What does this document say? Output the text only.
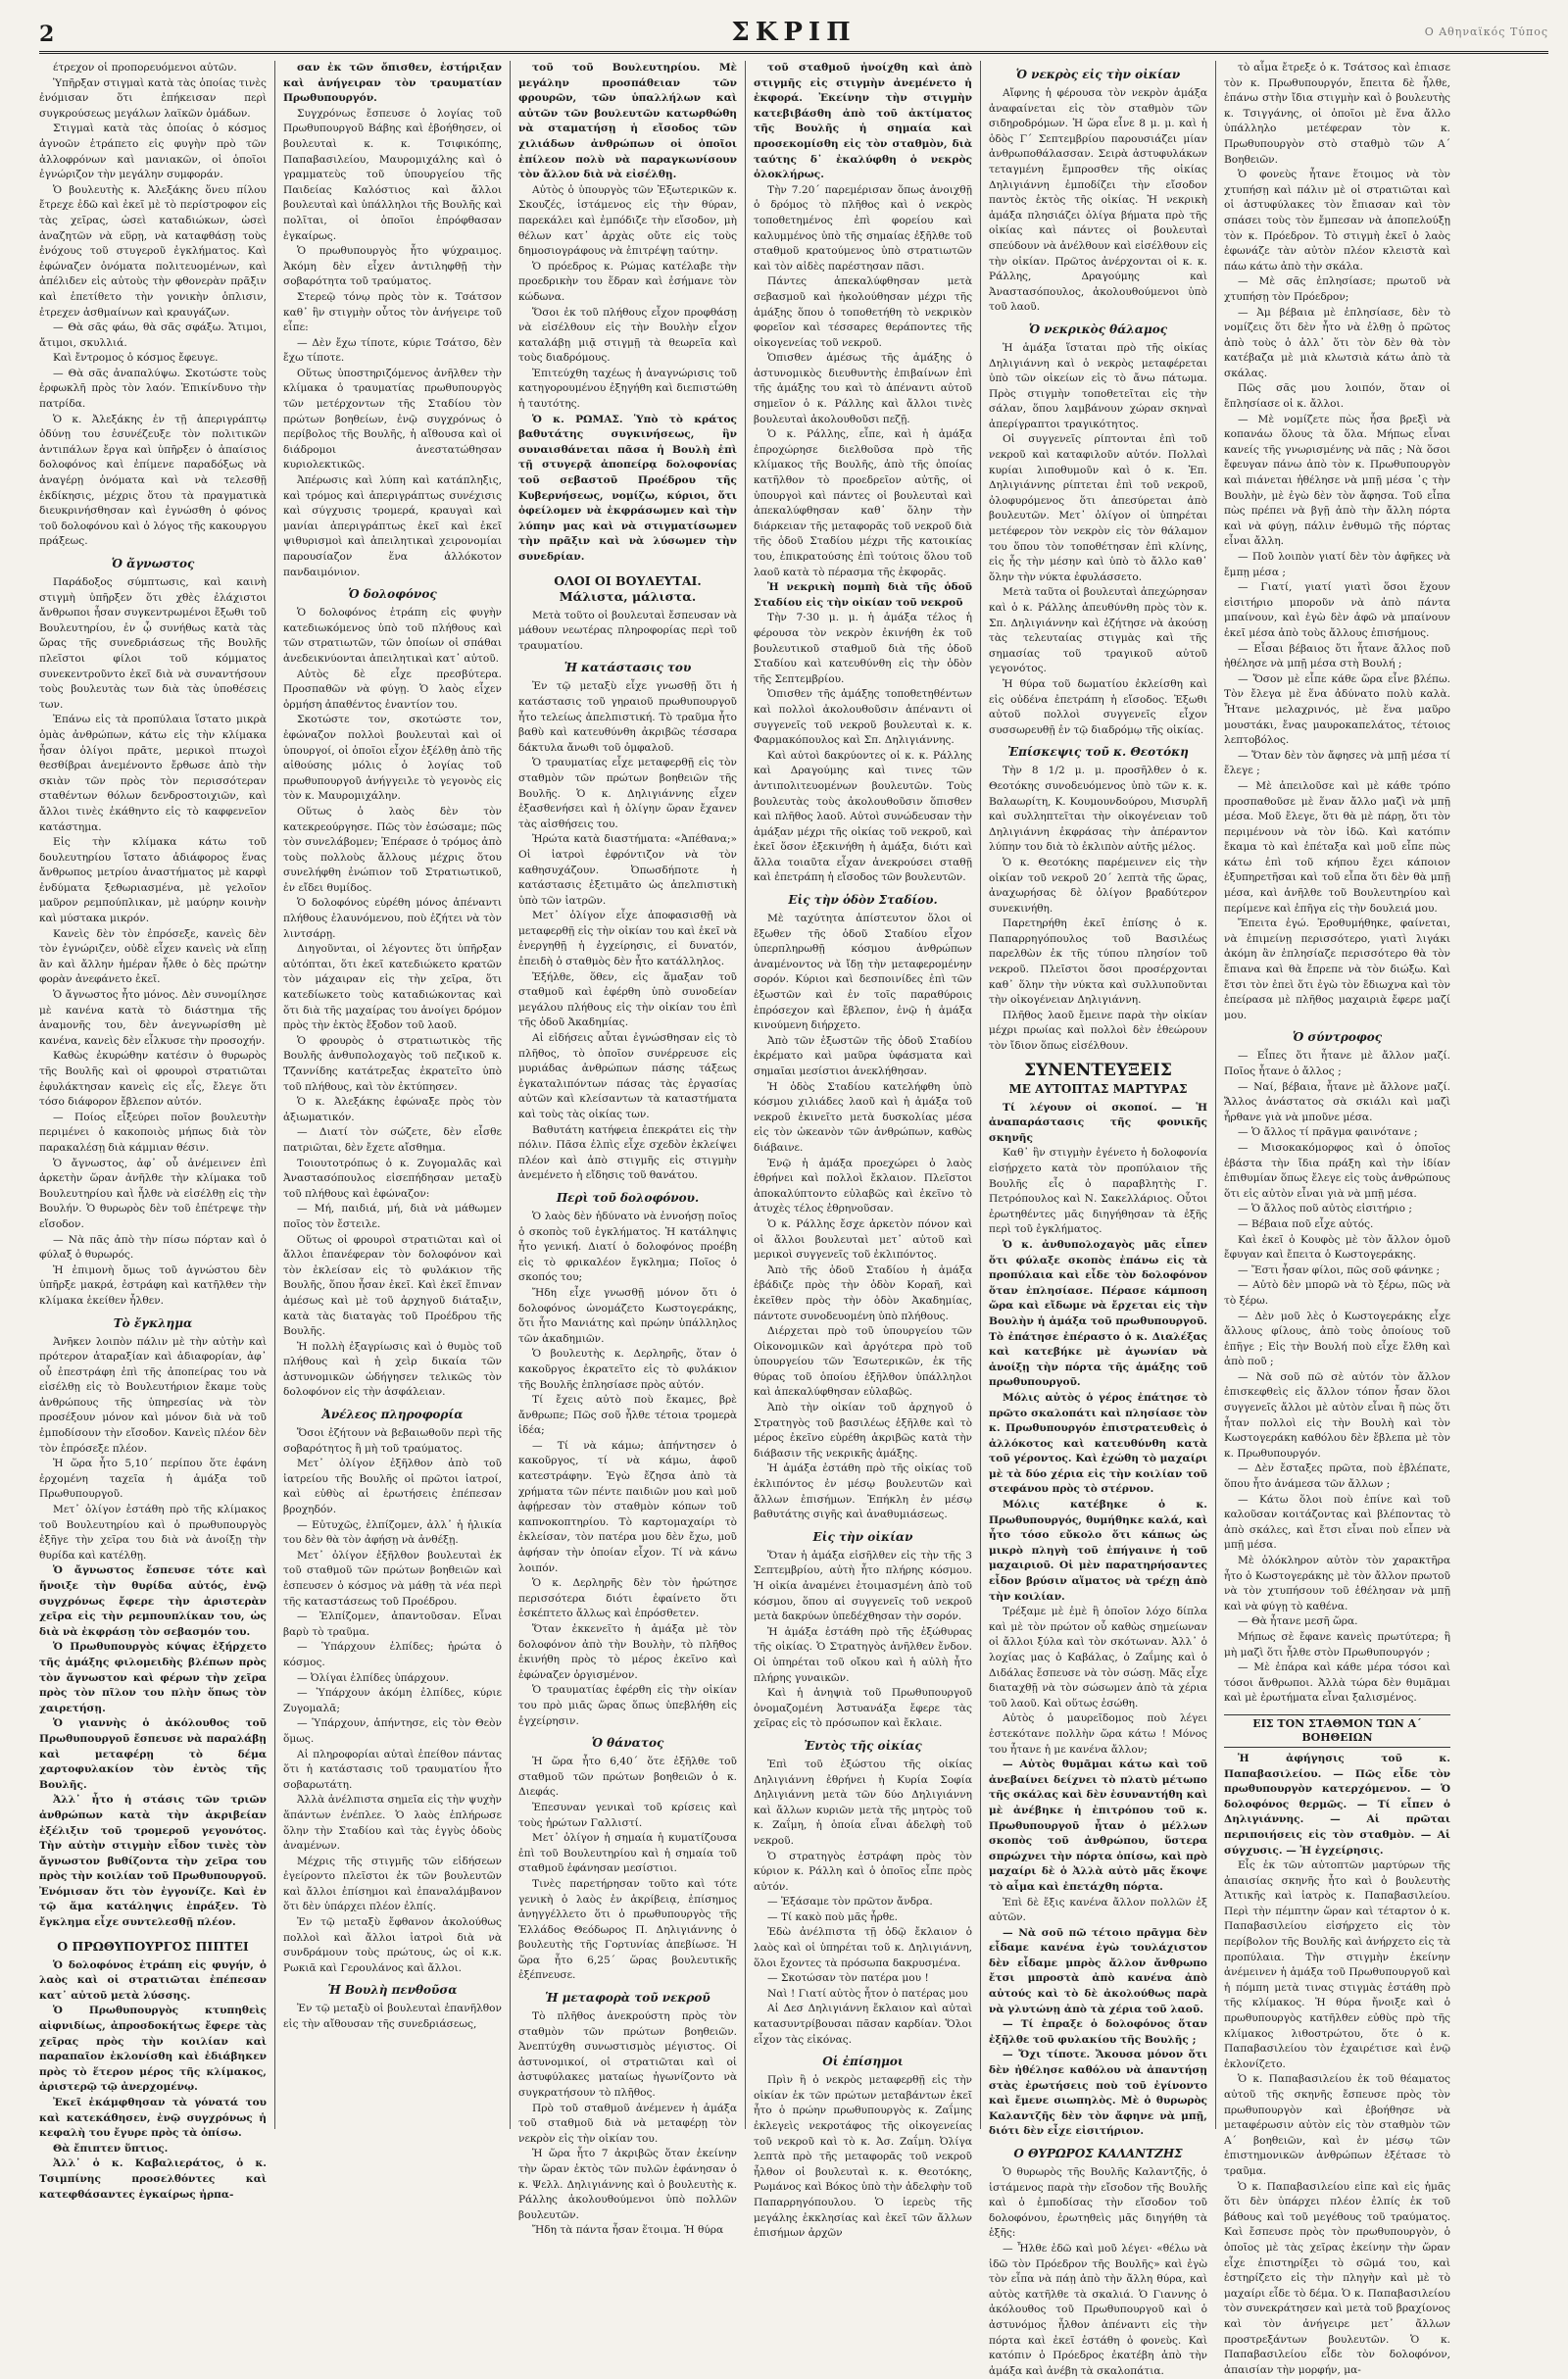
2	ΣΚΡΙΠ	Ο Αθηναϊκός Τύπος

έτρεχον οἱ προπορευόμενοι αὐτῶν.

Ὑπῆρξαν στιγμαὶ κατὰ τὰς ὁποίας τινὲς ἐνόμισαν ὅτι ἐπήκεισαν περὶ συγκρούσεως μεγάλων λαϊκῶν ὁμάδων.

Στιγμαὶ κατὰ τὰς ὁποίας ὁ κόσμος ἀγνοῶν ἐτράπετο εἰς φυγὴν πρὸ τῶν ἀλλοφρόνων καὶ μανιακῶν, οἱ ὁποῖοι ἐγνώριζον τὴν μεγάλην συμφοράν.

Ὁ βουλευτὴς κ. Ἀλεξάκης ὅνευ πίλου ἔτρεχε ἐδῶ καὶ ἐκεῖ μὲ τὸ περίστροφον εἰς τὰς χεῖρας, ὡσεὶ καταδιώκων, ὡσεὶ ἀναζητῶν νὰ εὕρῃ, νὰ καταφθάσῃ τοὺς ἐνόχους τοῦ στυγεροῦ ἐγκλήματος. Καὶ ἐφώναζεν ὀνόματα πολιτευομένων, καὶ ἀπέλιδεν εἰς αὐτοὺς τὴν φθονερὰν πρᾶξιν καὶ ἐπετίθετο τὴν γονικὴν ὁπλισιν, ἐτρεχεν ἀσθμαίνων καὶ κραυγάζων.

— Θὰ σᾶς φάω, θὰ σᾶς σφάξω. Ἄτιμοι, ἄτιμοι, σκυλλιά.

Καὶ ἔντρομος ὁ κόσμος ἔφευγε.

— Θὰ σᾶς ἀναπαλύψω. Σκοτώστε τοὺς ἐρφωκλῆ πρὸς τὸν λαόν. Ἐπικίνδυνο τὴν πατρίδα.

Ὁ κ. Ἀλεξάκης ἐν τῇ ἀπεριγράπτῳ ὀδύνῃ του ἐσυνέζευξε τὸν πολιτικῶν ἀντιπάλων ἔργα καὶ ὑπῆρξεν ὁ ἀπαίσιος δολοφόνος καὶ ἐπίμενε παραδόξως νὰ ἀναγέρῃ ὀνόματα καὶ νὰ τελεσθῇ ἐκδίκησις, μέχρις ὅτου τὰ πραγματικὰ διευκρινήσθησαν καὶ ἐγνώσθη ὁ φόνος τοῦ δολοφόνου καὶ ὁ λόγος τῆς κακουργου πράξεως.

Ὁ ἄγνωστος

Παράδοξος σύμπτωσις, καὶ καινὴ στιγμὴ ὑπῆρξεν ὅτι χθὲς ἐλάχιστοι ἄνθρωποι ἦσαν συγκεντρωμένοι ἔξωθι τοῦ Βουλευτηρίου, ἐν ᾧ συνήθως κατὰ τὰς ὥρας τῆς συνεδριάσεως τῆς Βουλῆς πλεῖστοι φίλοι τοῦ κόμματος συνεκεντροῦντο ἐκεῖ διὰ νὰ συναντήσουν τοὺς βουλευτὰς των διὰ τὰς ὑποθέσεις των.

Ἐπάνω εἰς τὰ προπύλαια ἵστατο μικρὰ ὁμὰς ἀνθρώπων, κάτω εἰς τὴν κλίμακα ἦσαν ὀλίγοι πρᾶτε, μερικοὶ πτωχοὶ θεσθίβραι ἀνεμένοντο ἔρθωσε ἀπὸ τὴν σκιὰν τῶν πρὸς τὸν περισσότεραν σταθέντων θόλων δενδροστοιχιῶν, καὶ ἄλλοι τινὲς ἐκάθηντο εἰς τὸ καφφενεῖον κατάστημα.

Εἰς τὴν κλίμακα κάτω τοῦ δουλευτηρίου ἵστατο ἀδιάφορος ἕνας ἄνθρωπος μετρίου ἀναστήματος μὲ καρφὶ ἐνδύματα ξεθωριασμένα, μὲ γελοῖον μαῦρον ρεμπούπλικαν, μὲ μαύρην κοινὴν καὶ μύστακα μικρόν.

Κανεὶς δὲν τὸν ἐπρόσεξε, κανεὶς δὲν τὸν ἐγνώριζεν, οὐδὲ εἶχεν κανεὶς νὰ εἴπῃ ἂν καὶ ἄλλην ἡμέραν ἦλθε ὁ δὲς πρώτην φορὰν ἀνεφάνετο ἐκεῖ.

Ὁ ἄγνωστος ἦτο μόνος. Δὲν συνομίλησε μὲ κανένα κατὰ τὸ διάστημα τῆς ἀναμονῆς του, δὲν ἀνεγνωρίσθη μὲ κανένα, κανεὶς δὲν εἶλκυσε τὴν προσοχήν.

Καθὼς ἐκυρώθην κατέσιν ὁ θυρωρὸς τῆς Βουλῆς καὶ οἱ φρουροὶ στρατιῶται ἐφυλάκτησαν κανεὶς εἰς εἷς, ἔλεγε ὅτι τόσο διάφορον ἔβλεπον αὐτόν.

— Ποίος εἶξεύρει ποῖον βουλευτὴν περιμένει ὁ κακοποιὸς μήπως διὰ τὸν παρακαλέσῃ διὰ κάμμιαν θέσιν.

Ὁ ἄγνωστος, ἀφ᾿ οὗ ἀνέμεινεν ἐπὶ ἀρκετὴν ὥραν ἀνῆλθε τὴν κλίμακα τοῦ Βουλευτηρίου καὶ ἦλθε νὰ εἰσέλθῃ εἰς τὴν Βουλήν. Ὁ θυρωρὸς δὲν τοῦ ἐπέτρεψε τὴν εἴσοδον.

— Νὰ πᾶς ἀπὸ τὴν πίσω πόρταν καὶ ὁ φύλαξ ὁ θυρωρός.

Ἡ ἐπιμονὴ ὅμως τοῦ ἀγνώστου δὲν ὑπῆρξε μακρά, ἐστράφη καὶ κατῆλθεν τὴν κλίμακα ἐκείθεν ἦλθεν.

Τὸ ἔγκλημα

Ἀνῆκεν λοιπὸν πάλιν μὲ τὴν αὐτὴν καὶ πρότερον ἀταραξίαν καὶ ἀδιαφορίαν, ἀφ᾿ οὗ ἐπεστράφη ἐπὶ τῆς ἀποπείρας του νὰ εἰσέλθῃ εἰς τὸ Βουλευτήριον ἔκαμε τοὺς ἀνθρώπους τῆς ὑπηρεσίας νὰ τὸν προσέξουν μόνον καὶ μόνον διὰ νὰ τοῦ ἐμποδίσουν τὴν εἴσοδον. Κανεὶς πλέον δὲν τὸν ἐπρόσεξε πλέον.

Ἡ ὥρα ἦτο 5,10΄ περίπου ὅτε ἐφάνη ἐρχομένη ταχεῖα ἡ ἁμάξα τοῦ Πρωθυπουργοῦ.

Μετ᾿ ὀλίγον ἐστάθη πρὸ τῆς κλίμακος τοῦ Βουλευτηρίου καὶ ὁ πρωθυπουργὸς ἐξῆγε τὴν χεῖρα του διὰ νὰ ἀνοίξῃ τὴν θυρίδα καὶ κατέλθῃ.

Ὁ ἄγνωστος ἔσπευσε τότε καὶ ἤνοιξε τὴν θυρίδα αὐτός, ἐνῷ συγχρόνως ἔφερε τὴν ἀριστερὰν χεῖρα εἰς τὴν ρεμπουπλίκαν του, ὡς διὰ νὰ ἐκφράσῃ τὸν σεβασμόν του.

Ὁ Πρωθυπουργὸς κύψας ἐξήρχετο τῆς ἁμάξης φιλομειδὴς βλέπων πρὸς τὸν ἄγνωστον καὶ φέρων τὴν χεῖρα πρὸς τὸν πῖλον του πλὴν ὅπως τὸν χαιρετήσῃ.

Ὁ γιαννὴς ὁ ἀκόλουθος τοῦ Πρωθυπουργοῦ ἔσπευσε νὰ παραλάβῃ καὶ μεταφέρῃ τὸ δέμα χαρτοφυλακίον τὸν ἐντὸς τῆς Βουλῆς.

Ἀλλ᾿ ἦτο ἡ στάσις τῶν τριῶν ἀνθρώπων κατὰ τὴν ἀκριβείαν ἐξέλιξιν τοῦ τρομεροῦ γεγονότος. Τὴν αὐτὴν στιγμὴν εἶδον τινὲς τὸν ἄγνωστον βυθίζοντα τὴν χεῖρα του πρὸς τὴν κοιλίαν τοῦ Πρωθυπουργοῦ. Ἐνόμισαν ὅτι τὸν ἐγγονίζε. Καὶ ἐν τῷ ἅμα κατάληψις ἐπράξεν. Τὸ ἔγκλημα εἶχε συντελεσθῇ πλέον.

Ο ΠΡΩΘΥΠΟΥΡΓΟΣ ΠΙΠΤΕΙ

Ὁ δολοφόνος ἐτράπη εἰς φυγήν, ὁ λαὸς καὶ οἱ στρατιῶται ἐπέπεσαν κατ᾿ αὐτοῦ μετὰ λύσσης.

Ὁ Πρωθυπουργὸς κτυπηθεὶς αἰφνιδίως, ἀπροσδοκήτως ἔφερε τὰς χεῖρας πρὸς τὴν κοιλίαν καὶ παραπαῖον ἐκλονίσθη καὶ ἐδιάβηκεν πρὸς τὸ ἕτερον μέρος τῆς κλίμακος, ἀριστερῷ τῷ ἀνερχομένῳ.

Ἐκεῖ ἐκάμφθησαν τὰ γόνατά του καὶ κατεκάθησεν, ἐνῷ συγχρόνως ἡ κεφαλὴ του ἔγυρε πρὸς τὰ ὀπίσω.

Θὰ ἔπιπτεν ὕπτιος.

Ἀλλ᾿ ὁ κ. Καβαλιεράτος, ὁ κ. Τσιμπίνης προσελθόντες καὶ κατεφθάσαντες ἐγκαίρως ἠρπα-

σαν ἐκ τῶν ὄπισθεν, ἐστήριξαν καὶ ἀνήγειραν τὸν τραυματίαν Πρωθυπουργόν.

Συγχρόνως ἔσπευσε ὁ λογίας τοῦ Πρωθυπουργοῦ Βάβης καὶ ἐβοήθησεν, οἱ βουλευταὶ κ. κ. Τσιφικόπης, Παπαβασιλείου, Μαυρομιχάλης καὶ ὁ γραμματεὺς τοῦ ὑπουργείου τῆς Παιδείας Καλόστιος καὶ ἄλλοι βουλευταὶ καὶ ὑπάλληλοι τῆς Βουλῆς καὶ πολῖται, οἱ ὁποῖοι ἐπρόφθασαν ἐγκαίρως.

Ὁ πρωθυπουργὸς ἦτο ψύχραιμος. Ἀκόμη δὲν εἶχεν ἀντιληφθῇ τὴν σοβαρότητα τοῦ τραύματος.

Στερεῷ τόνῳ πρὸς τὸν κ. Τσάτσον καθ᾿ ἣν στιγμὴν οὗτος τὸν ἀνήγειρε τοῦ εἶπε:

— Δὲν ἔχω τίποτε, κύριε Τσάτσο, δὲν ἔχω τίποτε.

Οὕτως ὑποστηριζόμενος ἀνῆλθεν τὴν κλίμακα ὁ τραυματίας πρωθυπουργὸς τῶν μετέρχοντων τῆς Σταδίου τὸν πρώτων βοηθείων, ἐνῷ συγχρόνως ὁ περίβολος τῆς Βουλῆς, ἡ αἴθουσα καὶ οἱ διάδρομοι ἀνεστατώθησαν κυριολεκτικῶς.

Ἀπέρωσις καὶ λύπη καὶ κατάπληξις, καὶ τρόμος καὶ ἀπεριγράπτως συνέχισις καὶ σύγχυσις τρομερά, κραυγαὶ καὶ μανίαι ἀπεριγράπτως ἐκεῖ καὶ ἐκεῖ ψιθυρισμοὶ καὶ ἀπειλητικαὶ χειρονομίαι παρουσίαζον ἕνα ἀλλόκοτον πανδαιμόνιον.

Ὁ δολοφόνος

Ὁ δολοφόνος ἐτράπη εἰς φυγὴν κατεδιωκόμενος ὑπὸ τοῦ πλήθους καὶ τῶν στρατιωτῶν, τῶν ὁποίων οἱ σπάθαι ἀνεδεικνύονται ἀπειλητικαὶ κατ᾿ αὐτοῦ.

Αὐτὸς δὲ εἶχε πρεσβύτερα. Προσπαθῶν νὰ φύγῃ. Ὁ λαὸς εἶχεν ὁρμήση ἀπαθέντος ἐναντίον του.

Σκοτώστε τον, σκοτώστε τον, ἐφώναζον πολλοὶ βουλευταὶ καὶ οἱ ὑπουργοί, οἱ ὁποῖοι εἶχον ἐξέλθῃ ἀπὸ τῆς αἰθούσης μόλις ὁ λογίας τοῦ πρωθυπουργοῦ ἀνήγγειλε τὸ γεγονὸς εἰς τὸν κ. Μαυρομιχάλην.

Οὕτως ὁ λαὸς δὲν τὸν κατεκρεούργησε. Πῶς τὸν ἐσώσαμε; πῶς τὸν συνελάβομεν; Ἐπέρασε ὁ τρόμος ἀπὸ τοὺς πολλοὺς ἄλλους μέχρις ὅτου συνελήφθη ἐνώπιον τοῦ Στρατιωτικοῦ, ἐν εἴδει θυμίδος.

Ὁ δολοφόνος εὑρέθη μόνος ἀπέναντι πλήθους ἐλαυνόμενου, ποὺ ἐζήτει νὰ τὸν λιντσάρῃ.

Διηγοῦνται, οἱ λέγοντες ὅτι ὑπῆρξαν αὐτόπται, ὅτι ἐκεῖ κατεδιώκετο κρατῶν τὸν μάχαιραν εἰς τὴν χεῖρα, ὅτι κατεδίωκετο τοὺς καταδιώκοντας καὶ ὅτι διὰ τῆς μαχαίρας του ἀνοίγει δρόμον πρὸς τὴν ἐκτὸς ἔξοδον τοῦ λαοῦ.

Ὁ φρουρὸς ὁ στρατιωτικὸς τῆς Βουλῆς ἀνθυπολοχαγὸς τοῦ πεζικοῦ κ. Τζαννίδης κατάτρεξας ἐκρατεῖτο ὑπὸ τοῦ πλήθους, καὶ τὸν ἐκτύπησεν.

Ὁ κ. Ἀλεξάκης ἐφώναξε πρὸς τὸν ἀξιωματικόν.

— Διατί τὸν σώζετε, δὲν εἶσθε πατριῶται, δὲν ἔχετε αἴσθημα.

Τοιουτοτρόπως ὁ κ. Ζυγομαλᾶς καὶ Ἀναστασόπουλος εἰσεπήδησαν μεταξὺ τοῦ πλήθους καὶ ἐφώναζον:

— Μή, παιδιά, μή, διὰ νὰ μάθωμεν ποῖος τὸν ἔστειλε.

Οὕτως οἱ φρουροὶ στρατιῶται καὶ οἱ ἄλλοι ἐπανέφεραν τὸν δολοφόνον καὶ τὸν ἐκλείσαν εἰς τὸ φυλάκιον τῆς Βουλῆς, ὅπου ἦσαν ἐκεῖ. Καὶ ἐκεῖ ἔπιναν ἀμέσως καὶ μὲ τοῦ ἀρχηγοῦ διάταξιν, κατὰ τὰς διαταγὰς τοῦ Προέδρου τῆς Βουλῆς.

Ἡ πολλὴ ἐξαγρίωσις καὶ ὁ θυμὸς τοῦ πλήθους καὶ ἡ χεὶρ δικαία τῶν ἀστυνομικῶν ὡδήγησεν τελικῶς τὸν δολοφόνον εἰς τὴν ἀσφάλειαν.

Ἀνέλεος πληροφορία

Ὅσοι ἐζήτουν νὰ βεβαιωθοῦν περὶ τῆς σοβαρότητος ἢ μὴ τοῦ τραύματος.

Μετ᾿ ὀλίγον ἐξῆλθον ἀπὸ τοῦ ἰατρείου τῆς Βουλῆς οἱ πρῶτοι ἰατροί, καὶ εὐθὺς αἱ ἐρωτήσεις ἐπέπεσαν βροχηδόν.

— Εὐτυχῶς, ἐλπίζομεν, ἀλλ᾿ ἡ ἡλικία του δὲν θὰ τὸν ἀφήσῃ νὰ ἀνθέξῃ.

Μετ᾿ ὀλίγον ἐξῆλθον βουλευταὶ ἐκ τοῦ σταθμοῦ τῶν πρώτων βοηθειῶν καὶ ἐσπευσεν ὁ κόσμος νὰ μάθῃ τὰ νέα περὶ τῆς καταστάσεως τοῦ Προέδρου.

— Ἐλπίζομεν, ἀπαντοῦσαν. Εἶναι βαρὺ τὸ τραῦμα.

— Ὑπάρχουν ἐλπίδες; ἠρώτα ὁ κόσμος.

— Ὀλίγαι ἐλπίδες ὑπάρχουν.

— Ὑπάρχουν ἀκόμη ἐλπίδες, κύριε Ζυγομαλᾶ;

— Ὑπάρχουν, ἀπήντησε, εἰς τὸν Θεὸν ὅμως.

Αἱ πληροφορίαι αὐταὶ ἐπείθον πάντας ὅτι ἡ κατάστασις τοῦ τραυματίου ἦτο σοβαρωτάτη.

Ἀλλὰ ἀνέλπιστα σημεῖα εἰς τὴν ψυχὴν ἅπάντων ἐνέπλεε. Ὁ λαὸς ἐπλήρωσε ὅλην τὴν Σταδίου καὶ τὰς ἐγγὺς ὁδοὺς ἀναμένων.

Μέχρις τῆς στιγμῆς τῶν εἰδήσεων ἐγείροντο πλεῖστοι ἐκ τῶν βουλευτῶν καὶ ἄλλοι ἐπίσημοι καὶ ἐπαναλάμβανον ὅτι δὲν ὑπάρχει πλέον ἐλπίς.

Ἐν τῷ μεταξὺ ἔφθανον ἀκολούθως πολλοὶ καὶ ἄλλοι ἰατροὶ διὰ νὰ συνδράμουν τοὺς πρώτους, ὡς οἱ κ.κ. Ρωκιᾶ καὶ Γερουλάνος καὶ ἄλλοι.

Ἡ Βουλὴ πενθοῦσα

Ἐν τῷ μεταξὺ οἱ βουλευταὶ ἐπανῆλθον εἰς τὴν αἴθουσαν τῆς συνεδριάσεως,

τοῦ τοῦ Βουλευτηρίου. Μὲ μεγάλην προσπάθειαν τῶν φρουρῶν, τῶν ὑπαλλήλων καὶ αὐτῶν τῶν βουλευτῶν κατωρθώθη νὰ σταματήσῃ ἡ εἴσοδος τῶν χιλιάδων ἀνθρώπων οἱ ὁποῖοι ἐπίλεον πολὺ νὰ παραγκωνίσουν τὸν ἄλλον διὰ νὰ εἰσέλθῃ.

Αὐτὸς ὁ ὑπουργὸς τῶν Ἐξωτερικῶν κ. Σκουζές, ἱστάμενος εἰς τὴν θύραν, παρεκάλει καὶ ἐμπόδιζε τὴν εἴσοδον, μὴ θέλων κατ᾿ ἀρχὰς οὔτε εἰς τοὺς δημοσιογράφους νὰ ἐπιτρέψῃ ταύτην.

Ὁ πρόεδρος κ. Ρώμας κατέλαβε τὴν προεδρικὴν του ἕδραν καὶ ἐσήμανε τὸν κώδωνα.

Ὅσοι ἐκ τοῦ πλήθους εἶχον προφθάσῃ νὰ εἰσέλθουν εἰς τὴν Βουλὴν εἶχον καταλάβῃ μιᾷ στιγμῇ τὰ θεωρεῖα καὶ τοὺς διαδρόμους.

Ἐπιτεύχθη ταχέως ἡ ἀναγνώρισις τοῦ κατηγορουμένου ἐξηγήθη καὶ διεπιστώθη ἡ ταυτότης.

Ὁ κ. ΡΩΜΑΣ. Ὑπὸ τὸ κράτος βαθυτάτης συγκινήσεως, ἣν συναισθάνεται πᾶσα ἡ Βουλὴ ἐπὶ τῇ στυγερᾷ ἀποπείρᾳ δολοφονίας τοῦ σεβαστοῦ Προέδρου τῆς Κυβερνήσεως, νομίζω, κύριοι, ὅτι ὀφείλομεν νὰ ἐκφράσωμεν καὶ τὴν λύπην μας καὶ νὰ στιγματίσωμεν τὴν πρᾶξιν καὶ νὰ λύσωμεν τὴν συνεδρίαν.

ΟΛΟΙ ΟΙ ΒΟΥΛΕΥΤΑΙ. Μάλιστα, μάλιστα.

Μετὰ τοῦτο οἱ βουλευταὶ ἔσπευσαν νὰ μάθουν νεωτέρας πληροφορίας περὶ τοῦ τραυματίου.

Ἡ κατάστασις του

Ἐν τῷ μεταξὺ εἶχε γνωσθῇ ὅτι ἡ κατάστασις τοῦ γηραιοῦ πρωθυπουργοῦ ἦτο τελείως ἀπελπιστική. Τὸ τραῦμα ἦτο βαθὺ καὶ κατευθύνθη ἀκριβῶς τέσσαρα δάκτυλα ἄνωθι τοῦ ὀμφαλοῦ.

Ὁ τραυματίας εἶχε μεταφερθῇ εἰς τὸν σταθμὸν τῶν πρώτων βοηθειῶν τῆς Βουλῆς. Ὁ κ. Δηλιγιάννης εἶχεν ἐξασθενήσει καὶ ἡ ὀλίγην ὥραν ἔχανεν τὰς αἰσθήσεις του.

Ἠρώτα κατὰ διαστήματα: «Ἀπέθανα;» Οἱ ἰατροὶ ἐφρόντιζον νὰ τὸν καθησυχάζουν. Ὀπωσδήποτε ἡ κατάστασις ἐξετιμᾶτο ὡς ἀπελπιστικὴ ὑπὸ τῶν ἰατρῶν.

Μετ᾿ ὀλίγον εἶχε ἀποφασισθῇ νὰ μεταφερθῇ εἰς τὴν οἰκίαν του καὶ ἐκεῖ νὰ ἐνεργηθῇ ἡ ἐγχείρησις, εἰ δυνατόν, ἐπειδὴ ὁ σταθμὸς δὲν ἦτο κατάλληλος.

Ἐξήλθε, ὅθεν, εἰς ἅμαξαν τοῦ σταθμοῦ καὶ ἐφέρθη ὑπὸ συνοδείαν μεγάλου πλήθους εἰς τὴν οἰκίαν του ἐπὶ τῆς ὁδοῦ Ἀκαδημίας.

Αἱ εἰδήσεις αὗται ἐγνώσθησαν εἰς τὸ πλῆθος, τὸ ὁποῖον συνέρρευσε εἰς μυριάδας ἀνθρώπων πάσης τάξεως ἐγκαταλιπόντων πάσας τὰς ἐργασίας αὐτῶν καὶ κλείσαντων τὰ καταστήματα καὶ τοὺς τὰς οἰκίας των.

Βαθυτάτη κατήφεια ἐπεκράτει εἰς τὴν πόλιν. Πᾶσα ἐλπὶς εἶχε σχεδὸν ἐκλείψει πλέον καὶ ἀπὸ στιγμῆς εἰς στιγμὴν ἀνεμένετο ἡ εἴδησις τοῦ θανάτου.

Περὶ τοῦ δολοφόνου.

Ὁ λαὸς δὲν ἠδύνατο νὰ ἐννοήσῃ ποῖος ὁ σκοπὸς τοῦ ἐγκλήματος. Ἡ κατάληψις ἦτο γενική. Διατί ὁ δολοφόνος προέβη εἰς τὸ φρικαλέον ἔγκλημα; Ποῖος ὁ σκοπός του;

Ἤδη εἶχε γνωσθῇ μόνον ὅτι ὁ δολοφόνος ὠνομάζετο Κωστογεράκης, ὅτι ἦτο Μανιάτης καὶ πρώην ὑπάλληλος τῶν ἀκαδημιῶν.

Ὁ βουλευτὴς κ. Δερληρῆς, ὅταν ὁ κακοῦργος ἐκρατεῖτο εἰς τὸ φυλάκιον τῆς Βουλῆς ἐπλησίασε πρὸς αὐτόν.

Τί ἔχεις αὐτὸ ποὺ ἔκαμες, βρὲ ἄνθρωπε; Πῶς σοῦ ἦλθε τέτοια τρομερὰ ἰδέα;

— Τί νὰ κάμω; ἀπήντησεν ὁ κακοῦργος, τί νὰ κάμω, ἀφοῦ κατεστράφην. Ἐγὼ ἔζησα ἀπὸ τὰ χρήματα τῶν πέντε παιδιῶν μου καὶ μοῦ ἀφῄρεσαν τὸν σταθμὸν κόπων τοῦ καπνοκοπτηρίου. Τὸ καρτομαχαίρι τὸ ἐκλείσαν, τὸν πατέρα μου δὲν ἔχω, μοῦ ἀφήσαν τὴν ὁποίαν εἶχον. Τί νὰ κάνω λοιπόν.

Ὁ κ. Δερληρῆς δὲν τὸν ἠρώτησε περισσότερα διότι ἐφαίνετο ὅτι ἐσκέπτετο ἄλλως καὶ ἐπρόσθετεν.

Ὅταν ἐκκενεῖτο ἡ ἁμάξα μὲ τὸν δολοφόνον ἀπὸ τὴν Βουλὴν, τὸ πλῆθος ἐκινήθη πρὸς τὸ μέρος ἐκεῖνο καὶ ἐφώναζεν ὀργισμένον.

Ὁ τραυματίας ἐφέρθη εἰς τὴν οἰκίαν του πρὸ μιᾶς ὥρας ὅπως ὑπεβλήθη εἰς ἐγχείρησιν.

Ὁ θάνατος

Ἡ ὥρα ἦτο 6,40΄ ὅτε ἐξῆλθε τοῦ σταθμοῦ τῶν πρώτων βοηθειῶν ὁ κ. Διεφάς.

Ἐπεσυναν γενικαὶ τοῦ κρίσεις καὶ τοὺς ἠρώτων Γαλλιστί.

Μετ᾿ ὀλίγον ἡ σημαία ἡ κυματίζουσα ἐπὶ τοῦ Βουλευτηρίου καὶ ἡ σημαία τοῦ σταθμοῦ ἐφάνησαν μεσίστιοι.

Τινὲς παρετήρησαν τοῦτο καὶ τότε γενικὴ ὁ λαὸς ἐν ἀκρίβειᾳ, ἐπίσημος ἀνηγγέλλετο ὅτι ὁ πρωθυπουργὸς τῆς Ἑλλάδος Θεόδωρος Π. Δηλιγιάννης ὁ βουλευτὴς τῆς Γορτυνίας ἀπεβίωσε. Ἡ ὥρα ἦτο 6,25΄ ὥρας βουλευτικῆς ἐξέπνευσε.

Ἡ μεταφορὰ τοῦ νεκροῦ

Τὸ πλῆθος ἀνεκρούστη πρὸς τὸν σταθμὸν τῶν πρώτων βοηθειῶν. Ἀνεπτύχθη συνωστισμὸς μέγιστος. Οἱ ἀστυνομικοί, οἱ στρατιῶται καὶ οἱ ἀστυφύλακες ματαίως ἠγωνίζοντο νὰ συγκρατήσουν τὸ πλῆθος.

Πρὸ τοῦ σταθμοῦ ἀνέμενεν ἡ ἁμάξα τοῦ σταθμοῦ διὰ νὰ μεταφέρῃ τὸν νεκρὸν εἰς τὴν οἰκίαν του.

Ἡ ὥρα ἦτο 7 ἀκριβῶς ὅταν ἐκείνην τὴν ὥραν ἐκτὸς τῶν πυλῶν ἐφάνησαν ὁ κ. Ψελλ. Δηλιγιάννης καὶ ὁ βουλευτὴς κ. Ράλλης ἀκολουθούμενοι ὑπὸ πολλῶν βουλευτῶν.

Ἤδη τὰ πάντα ἦσαν ἕτοιμα. Ἡ θύρα

τοῦ σταθμοῦ ἠνοίχθη καὶ ἀπὸ στιγμῆς εἰς στιγμὴν ἀνεμένετο ἡ ἐκφορά. Ἐκείνην τὴν στιγμὴν κατεβιβάσθη ἀπὸ τοῦ ἀκτίματος τῆς Βουλῆς ἡ σημαία καὶ προσεκομίσθη εἰς τὸν σταθμὸν, διὰ ταύτης δ᾿ ἐκαλύφθη ὁ νεκρὸς ὁλοκλήρως.

Τὴν 7.20΄ παρεμέρισαν ὅπως ἀνοιχθῇ ὁ δρόμος τὸ πλῆθος καὶ ὁ νεκρὸς τοποθετημένος ἐπὶ φορείου καὶ καλυμμένος ὑπὸ τῆς σημαίας ἐξῆλθε τοῦ σταθμοῦ κρατούμενος ὑπὸ στρατιωτῶν καὶ τὸν αἰδὲς παρέστησαν πᾶσι.

Πάντες ἀπεκαλύφθησαν μετὰ σεβασμοῦ καὶ ἠκολούθησαν μέχρι τῆς ἁμάξης ὅπου ὁ τοποθετήθη τὸ νεκρικὸν φορεῖον καὶ τέσσαρες θεράποντες τῆς οἰκογενείας τοῦ νεκροῦ.

Ὁπισθεν ἀμέσως τῆς ἁμάξης ὁ ἀστυνομικὸς διευθυντὴς ἐπιβαίνων ἐπὶ τῆς ἁμάξης του καὶ τὸ ἀπέναντι αὐτοῦ σημεῖον ὁ κ. Ράλλης καὶ ἄλλοι τινὲς βουλευταὶ ἀκολουθοῦσι πεζῇ.

Ὁ κ. Ράλλης, εἶπε, καὶ ἡ ἁμάξα ἐπροχώρησε διελθοῦσα πρὸ τῆς κλίμακος τῆς Βουλῆς, ἀπὸ τῆς ὁποίας κατῆλθον τὸ προεδρεῖον αὐτῆς, οἱ ὑπουργοὶ καὶ πάντες οἱ βουλευταὶ καὶ ἀπεκαλύφθησαν καθ᾿ ὅλην τὴν διάρκειαν τῆς μεταφορᾶς τοῦ νεκροῦ διὰ τῆς ὁδοῦ Σταδίου μέχρι τῆς κατοικίας του, ἐπικρατούσης ἐπὶ τούτοις ὅλου τοῦ λαοῦ κατὰ τὸ πέρασμα τῆς ἐκφορᾶς.

Ἡ νεκρικὴ πομπὴ διὰ τῆς ὁδοῦ Σταδίου εἰς τὴν οἰκίαν τοῦ νεκροῦ

Τὴν 7·30 μ. μ. ἡ ἁμάξα τέλος ἡ φέρουσα τὸν νεκρὸν ἐκινήθη ἐκ τοῦ βουλευτικοῦ σταθμοῦ διὰ τῆς ὁδοῦ Σταδίου καὶ κατευθύνθη εἰς τὴν ὁδὸν τῆς Σεπτεμβρίου.

Ὁπισθεν τῆς ἁμάξης τοποθετηθέντων καὶ πολλοὶ ἀκολουθοῦσιν ἀπέναντι οἱ συγγενεῖς τοῦ νεκροῦ βουλευταὶ κ. κ. Φαρμακόπουλος καὶ Σπ. Δηλιγιάννης.

Καὶ αὐτοὶ δακρύοντες οἱ κ. κ. Ράλλης καὶ Δραγούμης καὶ τινες τῶν ἀντιπολιτευομένων βουλευτῶν. Τοὺς βουλευτὰς τοὺς ἀκολουθοῦσιν ὅπισθεν καὶ πλῆθος λαοῦ. Αὐτοὶ συνώδευσαν τὴν ἁμάξαν μέχρι τῆς οἰκίας τοῦ νεκροῦ, καὶ ἐκεῖ ὅσον ἐξεκινήθη ἡ ἁμάξα, διότι καὶ ἄλλα τοιαῦτα εἶχαν ἀνεκρούσει σταθῇ καὶ ἐπετράπη ἡ εἴσοδος τῶν βουλευτῶν.

Εἰς τὴν ὁδὸν Σταδίου.

Μὲ ταχύτητα ἀπίστευτον ὅλοι οἱ ἔξωθεν τῆς ὁδοῦ Σταδίου εἶχον ὑπερπληρωθῇ κόσμου ἀνθρώπων ἀναμένοντος νὰ ἴδῃ τὴν μεταφερομένην σορόν. Κύριοι καὶ δεσποινίδες ἐπὶ τῶν ἐξωστῶν καὶ ἐν τοῖς παραθύροις ἐπρόσεχον καὶ ἔβλεπον, ἐνῷ ἡ ἁμάξα κινούμενη διήρχετο.

Ἀπὸ τῶν ἐξωστῶν τῆς ὁδοῦ Σταδίου ἐκρέματο καὶ μαῦρα ὑφάσματα καὶ σημαῖαι μεσίστιοι ἀνεκλήθησαν.

Ἡ ὁδὸς Σταδίου κατελήφθη ὑπὸ κόσμου χιλιάδες λαοῦ καὶ ἡ ἁμάξα τοῦ νεκροῦ ἐκινεῖτο μετὰ δυσκολίας μέσα εἰς τὸν ὠκεανὸν τῶν ἀνθρώπων, καθὼς διάβαινε.

Ἐνῷ ἡ ἁμάξα προεχώρει ὁ λαὸς ἐθρήνει καὶ πολλοὶ ἔκλαιον. Πλεῖστοι ἀποκαλύπτοντο εὐλαβῶς καὶ ἐκεῖνο τὸ ἀτυχὲς τέλος ἐθρηνοῦσαν.

Ὁ κ. Ράλλης ἔσχε ἀρκετὸν πόνον καὶ οἱ ἄλλοι βουλευταὶ μετ᾿ αὐτοῦ καὶ μερικοὶ συγγενεῖς τοῦ ἐκλιπόντος.

Ἀπὸ τῆς ὁδοῦ Σταδίου ἡ ἁμάξα ἐβάδιζε πρὸς τὴν ὁδὸν Κοραῆ, καὶ ἐκεῖθεν πρὸς τὴν ὁδὸν Ἀκαδημίας, πάντοτε συνοδευομένη ὑπὸ πλήθους.

Διέρχεται πρὸ τοῦ ὑπουργείου τῶν Οἰκονομικῶν καὶ ἀργότερα πρὸ τοῦ ὑπουργείου τῶν Ἐσωτερικῶν, ἐκ τῆς θύρας τοῦ ὁποίου ἐξῆλθον ὑπάλληλοι καὶ ἀπεκαλύφθησαν εὐλαβῶς.

Ἀπὸ τὴν οἰκίαν τοῦ ἀρχηγοῦ ὁ Στρατηγὸς τοῦ βασιλέως ἐξῆλθε καὶ τὸ μέρος ἐκεῖνο εὑρέθη ἀκριβῶς κατὰ τὴν διάβασιν τῆς νεκρικῆς ἁμάξης.

Ἡ ἁμάξα ἐστάθη πρὸ τῆς οἰκίας τοῦ ἐκλιπόντος ἐν μέσῳ βουλευτῶν καὶ ἄλλων ἐπισήμων. Ἐπήκλη ἐν μέσῳ βαθυτάτης σιγῆς καὶ ἀναθυμιάσεως.

Εἰς τὴν οἰκίαν

Ὅταν ἡ ἁμάξα εἰσῆλθεν εἰς τὴν τῆς 3 Σεπτεμβρίου, αὐτὴ ἦτο πλήρης κόσμου. Ἡ οἰκία ἀναμένει ἑτοιμασμένη ἀπὸ τοῦ κόσμου, ὅπου αἱ συγγενεῖς τοῦ νεκροῦ μετὰ δακρύων ὑπεδέχθησαν τὴν σορόν.

Ἡ ἁμάξα ἐστάθη πρὸ τῆς ἐξώθυρας τῆς οἰκίας. Ὁ Στρατηγὸς ἀνῆλθεν ἔνδον. Οἱ ὑπηρέται τοῦ οἴκου καὶ ἡ αὐλὴ ἦτο πλήρης γυναικῶν.

Καὶ ἡ ἀνηψιὰ τοῦ Πρωθυπουργοῦ ὀνομαζομένη Ἀστυανάξα ἔφερε τὰς χεῖρας εἰς τὸ πρόσωπον καὶ ἔκλαιε.

Ἐντὸς τῆς οἰκίας

Ἐπὶ τοῦ ἐξώστου τῆς οἰκίας Δηλιγιάννη ἐθρήνει ἡ Κυρία Σοφία Δηλιγιάννη μετὰ τῶν δύο Δηλιγιάννη καὶ ἄλλων κυριῶν μετὰ τῆς μητρὸς τοῦ κ. Ζαΐμη, ἡ ὁποία εἶναι ἀδελφὴ τοῦ νεκροῦ.

Ὁ στρατηγὸς ἐστράφη πρὸς τὸν κύριον κ. Ράλλη καὶ ὁ ὁποῖος εἶπε πρὸς αὐτόν.

— Ἐξάσαμε τὸν πρῶτον ἄνδρα.

— Τί κακὸ ποὺ μᾶς ἦρθε.

Ἐδὼ ἀνέλπιστα τῇ ὁδῷ ἔκλαιον ὁ λαὸς καὶ οἱ ὑπηρέται τοῦ κ. Δηλιγιάννη, ὅλοι ἔχοντες τὰ πρόσωπα δακρυσμένα.

— Σκοτώσαν τὸν πατέρα μου !

Ναὶ ! Γιατί αὐτὸς ἦτον ὁ πατέρας μου

Αἱ Δεσ Δηλιγιάννη ἔκλαιον καὶ αὐταὶ κατασυντρίβουσαι πᾶσαν καρδίαν. Ὅλοι εἶχον τὰς εἰκόνας.

Οἱ ἐπίσημοι

Πρὶν ἢ ὁ νεκρὸς μεταφερθῇ εἰς τὴν οἰκίαν ἐκ τῶν πρώτων μεταβάντων ἐκεῖ ἦτο ὁ πρώην πρωθυπουργὸς κ. Ζαΐμης ἐκλεγεὶς νεκροτάφος τῆς οἰκογενείας τοῦ νεκροῦ καὶ τὸ κ. Ἀσ. Ζαΐμη. Ὀλίγα λεπτὰ πρὸ τῆς μεταφορᾶς τοῦ νεκροῦ ἦλθον οἱ βουλευταὶ κ. κ. Θεοτόκης, Ρωμάνος καὶ Βόκος ὑπὸ τὴν ἀδελφὴν τοῦ Παπαρρηγόπουλου. Ὁ ἱερεὺς τῆς μεγάλης ἐκκλησίας καὶ ἐκεῖ τῶν ἄλλων ἐπισήμων ἀρχῶν

Ὁ νεκρὸς εἰς τὴν οἰκίαν

Αἴφνης ἡ φέρουσα τὸν νεκρὸν ἁμάξα ἀναφαίνεται εἰς τὸν σταθμὸν τῶν σιδηροδρόμων. Ἡ ὥρα εἶνε 8 μ. μ. καὶ ἡ ὁδὸς Γ΄ Σεπτεμβρίου παρουσιάζει μίαν ἀνθρωποθάλασσαν. Σειρὰ ἀστυφυλάκων τεταγμένη ἔμπροσθεν τῆς οἰκίας Δηλιγιάννη ἐμποδίζει τὴν εἴσοδον παντὸς ἐκτὸς τῆς οἰκίας. Ἡ νεκρικὴ ἁμάξα πλησιάζει ὀλίγα βήματα πρὸ τῆς οἰκίας καὶ πάντες οἱ βουλευταὶ σπεύδουν νὰ ἀνέλθουν καὶ εἰσέλθουν εἰς τὴν οἰκίαν. Πρῶτος ἀνέρχονται οἱ κ. κ. Ράλλης, Δραγούμης καὶ Ἀναστασόπουλος, ἀκολουθούμενοι ὑπὸ τοῦ λαοῦ.

Ὁ νεκρικὸς θάλαμος

Ἡ ἁμάξα ἵσταται πρὸ τῆς οἰκίας Δηλιγιάννη καὶ ὁ νεκρὸς μεταφέρεται ὑπὸ τῶν οἰκείων εἰς τὸ ἄνω πάτωμα. Πρὸς στιγμὴν τοποθετεῖται εἰς τὴν σάλαν, ὅπου λαμβάνουν χώραν σκηναὶ ἀπερίγραπτοι τραγικότητος.

Οἱ συγγενεῖς ρίπτονται ἐπὶ τοῦ νεκροῦ καὶ καταφιλοῦν αὐτόν. Πολλαὶ κυρίαι λιποθυμοῦν καὶ ὁ κ. Ἐπ. Δηλιγιάννης ρίπτεται ἐπὶ τοῦ νεκροῦ, ὀλοφυρόμενος ὅτι ἀπεσύρεται ἀπὸ βουλευτῶν. Μετ᾿ ὀλίγον οἱ ὑπηρέται μετέφερον τὸν νεκρὸν εἰς τὸν θάλαμον του ὅπου τὸν τοποθέτησαν ἐπὶ κλίνης, εἰς ἧς τὴν μέσην καὶ ὑπὸ τὸ ἄλλο καθ᾿ ὅλην τὴν νύκτα ἐφυλάσσετο.

Μετὰ ταῦτα οἱ βουλευταὶ ἀπεχώρησαν καὶ ὁ κ. Ράλλης ἀπευθύνθη πρὸς τὸν κ. Σπ. Δηλιγιάννην καὶ ἐζήτησε νὰ ἀκούσῃ τὰς τελευταίας στιγμὰς καὶ τῆς σημασίας τοῦ τραγικοῦ αὐτοῦ γεγονότος.

Ἡ θύρα τοῦ δωματίου ἐκλείσθη καὶ εἰς οὐδένα ἐπετράπη ἡ εἴσοδος. Ἐξωθι αὐτοῦ πολλοὶ συγγενεῖς εἶχον συσσωρευθῇ ἐν τῷ διαδρόμῳ τῆς οἰκίας.

Ἐπίσκεψις τοῦ κ. Θεοτόκη

Τὴν 8 1/2 μ. μ. προσῆλθεν ὁ κ. Θεοτόκης συνοδευόμενος ὑπὸ τῶν κ. κ. Βαλαωρίτη, Κ. Κουμουνδούρου, Μισυρλῆ καὶ συλληπτεῖται τὴν οἰκογένειαν τοῦ Δηλιγιάννη ἐκφράσας τὴν ἀπέραντον λύπην του διὰ τὸ ἐκλιπὸν αὐτῆς μέλος.

Ὁ κ. Θεοτόκης παρέμεινεν εἰς τὴν οἰκίαν τοῦ νεκροῦ 20΄ λεπτὰ τῆς ὥρας, ἀναχωρήσας δὲ ὀλίγον βραδύτερον συνεκινήθη.

Παρετηρήθη ἐκεῖ ἐπίσης ὁ κ. Παπαρρηγόπουλος τοῦ Βασιλέως παρελθὼν ἐκ τῆς τύπου πλησίον τοῦ νεκροῦ. Πλεῖστοι ὅσοι προσέρχονται καθ᾿ ὅλην τὴν νύκτα καὶ συλλυποῦνται τὴν οἰκογένειαν Δηλιγιάννη.

Πλῆθος λαοῦ ἔμεινε παρὰ τὴν οἰκίαν μέχρι πρωίας καὶ πολλοὶ δὲν ἐθεώρουν τὸν ἴδιον ὅπως εἰσέλθουν.

ΣΥΝΕΝΤΕΥΞΕΙΣ
ΜΕ ΑΥΤΟΠΤΑΣ ΜΑΡΤΥΡΑΣ

Τί λέγουν οἱ σκοποί. — Ἡ ἀναπαράστασις τῆς φονικῆς σκηνῆς

Καθ᾿ ἣν στιγμὴν ἐγένετο ἡ δολοφονία εἰσῄρχετο κατὰ τὸν προπύλαιον τῆς Βουλῆς εἷς ὁ παραβλητὴς Γ. Πετρόπουλος καὶ Ν. Σακελλάριος. Οὗτοι ἐρωτηθέντες μᾶς διηγήθησαν τὰ ἑξῆς περὶ τοῦ ἐγκλήματος.

Ὁ κ. ἀνθυπολοχαγὸς μᾶς εἶπεν ὅτι φύλαξε σκοπὸς ἐπάνω εἰς τὰ προπύλαια καὶ εἶδε τὸν δολοφόνον ὅταν ἐπλησίασε. Πέρασε κάμποση ὥρα καὶ εἴδωμε νὰ ἔρχεται εἰς τὴν Βουλὴν ἡ ἁμάξα τοῦ πρωθυπουργοῦ. Τὸ ἐπάτησε ἐπέραστο ὁ κ. Διαλέξας καὶ κατεβήκε μὲ ἀγωνίαν νὰ ἀνοίξῃ τὴν πόρτα τῆς ἁμάξης τοῦ πρωθυπουργοῦ.

Μόλις αὐτὸς ὁ γέρος ἐπάτησε τὸ πρῶτο σκαλοπάτι καὶ πλησίασε τὸν κ. Πρωθυπουργόν ἐπιστρατευθεὶς ὁ ἀλλόκοτος καὶ κατευθύνθη κατὰ τοῦ γέροντος. Καὶ ἐχώθη τὸ μαχαίρι μὲ τὰ δύο χέρια εἰς τὴν κοιλίαν τοῦ στεφάνου πρὸς τὸ στέρνον.

Μόλις κατέβηκε ὁ κ. Πρωθυπουργός, θυμήθηκε καλά, καὶ ἦτο τόσο εὔκολο ὅτι κάπως ὡς μικρὸ πληγὴ τοῦ ἐπήγαινε ἡ τοῦ μαχαιριοῦ. Οἱ μὲν παρατηρήσαντες εἶδον βρύσιν αἵματος νὰ τρέχῃ ἀπὸ τὴν κοιλίαν.

Τρέξαμε μὲ ἐμὲ ἢ ὁποῖον λόχο δίπλα καὶ μὲ τὸν πρώτον οὗ καθὼς σημείωναν οἱ ἄλλοι ξύλα καὶ τὸν σκότωναν. Ἀλλ᾿ ὁ λοχίας μας ὁ Καβάλας, ὁ Ζαΐμης καὶ ὁ Διδάλας ἔσπευσε νὰ τὸν σώσῃ. Μᾶς εἶχε διαταχθῇ νὰ τὸν σώσωμεν ἀπὸ τὰ χέρια τοῦ λαοῦ. Καὶ οὕτως ἐσώθη.

Αὐτὸς ὁ μαυρεῖδομος ποὺ λέγει ἐστεκότανε πολλὴν ὥρα κάτω ! Μόνος του ἦτανε ἡ με κανένα ἄλλον;

— Αὐτὸς θυμᾶμαι κάτω καὶ τοῦ ἀνεβαίνει δείχνει τὸ πλατὺ μέτωπο τῆς σκάλας καὶ δὲν ἐσυναντήθη καὶ μὲ ἀνέβηκε ἡ ἐπιτρόπου τοῦ κ. Πρωθυπουργοῦ ἦταν ὁ μέλλων σκοπὸς τοῦ ἀνθρώπου, ὕστερα σπρώχνει τὴν πόρτα ὀπίσω, καὶ πρὸ μαχαίρι δὲ ὁ Ἀλλὰ αὐτὸ μᾶς ἔκοψε τὸ αἷμα καὶ ἐπετάχθη πόρτα.

Ἐπὶ δὲ ἔξις κανένα ἄλλον πολλῶν ἐξ αὐτῶν.

— Νὰ σοῦ πῶ τέτοιο πρᾶγμα δὲν εἶδαμε κανένα ἐγὼ τουλάχιστον δὲν εἶδαμε μπρὸς ἄλλον ἄνθρωπο ἔτσι μπροστὰ ἀπὸ κανένα ἀπὸ αὐτούς καὶ τὸ δὲ ἀκολούθως παρὰ νὰ γλυτώνῃ ἀπὸ τὰ χέρια τοῦ λαοῦ.

— Τί ἐπραξε ὁ δολοφόνος ὅταν ἐξῆλθε τοῦ φυλακίου τῆς Βουλῆς ;

— Ὄχι τίποτε. Ἄκουσα μόνον ὅτι δὲν ἠθέλησε καθόλου νὰ ἀπαντήσῃ στὰς ἐρωτήσεις ποὺ τοῦ ἐγίνοντο καὶ ἔμενε σιωπηλὸς. Μὲ ὁ θυρωρὸς Καλαντζῆς δὲν τὸν ἄφηνε νὰ μπῇ, διότι δὲν εἶχε εἰσιτήριον.

Ο ΘΥΡΩΡΟΣ ΚΑΛΑΝΤΖΗΣ

Ὁ θυρωρὸς τῆς Βουλῆς Καλαντζῆς, ὁ ἱστάμενος παρὰ τὴν εἴσοδον τῆς Βουλῆς καὶ ὁ ἐμποδίσας τὴν εἴσοδον τοῦ δολοφόνου, ἐρωτηθεὶς μᾶς διηγήθη τὰ ἑξῆς:

— Ἦλθε ἐδῶ καὶ μοῦ λέγει· «θέλω νὰ ἰδῶ τὸν Πρόεδρον τῆς Βουλῆς» καὶ ἐγὼ τὸν εἶπα νὰ πάῃ ἀπὸ τὴν ἄλλη θύρα, καὶ αὐτὸς κατῆλθε τὰ σκαλιά. Ὁ Γιαννης ὁ ἀκόλουθος τοῦ Πρωθυπουργοῦ καὶ ὁ ἀστυνόμος ἦλθον ἀπέναντι εἰς τὴν πόρτα καὶ ἐκεῖ ἐστάθη ὁ φονεὺς. Καὶ κατόπιν ὁ Πρόεδρος ἐκατέβη ἀπὸ τὴν ἁμάξα καὶ ἀνέβη τὰ σκαλοπάτια.

τὸ αἷμα ἔτρεξε ὁ κ. Τσάτσος καὶ ἐπιασε τὸν κ. Πρωθυπουργόν, ἔπειτα δὲ ἦλθε, ἐπάνω στὴν ἴδια στιγμὴν καὶ ὁ βουλευτὴς κ. Τσιγγάνης, οἱ ὁποῖοι μὲ ἕνα ἄλλο ὑπάλληλο μετέφεραν τὸν κ. Πρωθυπουργὸν στὸ σταθμὸ τῶν Α΄ Βοηθειῶν.

Ὁ φονεὺς ἦτανε ἕτοιμος νὰ τὸν χτυπήσῃ καὶ πάλιν μὲ οἱ στρατιῶται καὶ οἱ ἀστυφύλακες τὸν ἔπιασαν καὶ τὸν σπάσει τοὺς τὸν ἔμπεσαν νὰ ἀποπελούξῃ τὸν κ. Πρόεδρον. Τὸ στιγμὴ ἐκεῖ ὁ λαὸς ἐφωνάζε τὰν αὐτὸν πλέον κλειστὰ καὶ πάω κάτω ἀπὸ τὴν σκάλα.

— Μὲ σᾶς ἐπλησίασε; πρωτοῦ νὰ χτυπήσῃ τὸν Πρόεδρον;

— Ἀμ βέβαια μὲ ἐπλησίασε, δὲν τὸ νομίζεις ὅτι δὲν ἦτο νὰ ἐλθῃ ὁ πρῶτος ἀπὸ τοὺς ὁ ἀλλ᾿ ὅτι τὸν δὲν θὰ τὸν κατέβαζα μὲ μιὰ κλωτσιὰ κάτω ἀπὸ τὰ σκάλας.

Πῶς σᾶς μου λοιπόν, ὅταν οἱ ἔπλησίασε οἱ κ. ἄλλοι.

— Μὲ νομίζετε πὼς ἦσα βρεξὶ νὰ κοπανάω ὅλους τὰ ὅλα. Μήπως εἶναι κανείς τῆς γνωρισμένης νὰ πᾶς ; Νὰ ὅσοι ἔφευγαν πάνω ἀπὸ τὸν κ. Πρωθυπουργὸν καὶ πιάνεται ἠθέλησε νὰ μπῇ μέσα ᾿ς τὴν Βουλὴν, μὲ ἐγὼ δὲν τὸν ἄφησα. Τοῦ εἶπα πὼς πρέπει νὰ βγῇ ἀπὸ τὴν ἄλλη πόρτα καὶ νὰ φύγῃ, πάλιν ἐνθυμῶ τῆς πόρτας εἶναι ἄλλη.

— Ποῦ λοιπὸν γιατί δὲν τὸν ἀφῆκες νὰ ἔμπῃ μέσα ;

— Γιατί, γιατί γιατὶ ὅσοι ἔχουν εἰσιτήριο μποροῦν νὰ ἀπὸ πάντα μπαίνουν, καὶ ἐγὼ δὲν ἀφῶ νὰ μπαίνουν ἐκεῖ μέσα ἀπὸ τοὺς ἄλλους ἐπισήμους.

— Εἶσαι βέβαιος ὅτι ἦτανε ἄλλος ποῦ ἠθέλησε νὰ μπῇ μέσα στὴ Βουλή ;

— Ὅσον μὲ εἶπε κάθε ὥρα εἶνε βλέπω. Τὸν ἔλεγα μὲ ἕνα ἀδύνατο πολὺ καλὰ. Ἦτανε μελαχρινός, μὲ ἕνα μαῦρο μουστάκι, ἔνας μαυροκαπελάτος, τέτοιος λεπτοβόλος.

— Ὅταν δὲν τὸν ἄφησες νὰ μπῇ μέσα τί ἔλεγε ;

— Μὲ ἀπειλοῦσε καὶ μὲ κάθε τρόπο προσπαθοῦσε μὲ ἕναν ἄλλο μαζὶ νὰ μπῇ μέσα. Μοῦ ἔλεγε, ὅτι θὰ μὲ πάρῃ, ὅτι τὸν περιμένουν νὰ τὸν ἰδῶ. Καὶ κατόπιν ἔκαμα τὸ καὶ ἐπέταξα καὶ μοῦ εἶπε πὼς κάτω ἐπὶ τοῦ κήπου ἔχει κάποιον ἐξυπηρετῆσαι καὶ τοῦ εἶπα ὅτι δὲν θὰ μπῇ μέσα, καὶ ἀνῆλθε τοῦ Βουλευτηρίου καὶ περίμενε καὶ ἐπῆγα εἰς τὴν δουλειά μου.

Ἔπειτα ἐγώ. Ἐροθυμήθηκε, φαίνεται, νὰ ἐπιμείνῃ περισσότερο, γιατὶ λιγάκι ἀκόμη ἂν ἐπλησίαζε περισσότερο θὰ τὸν ἔπιανα καὶ θὰ ἔπρεπε νὰ τὸν διώξω. Καὶ ἔτσι τὸν ἐπεὶ ὅτι ἐγὼ τὸν ἔδιωχνα καὶ τὸν ἐπείρασα μὲ πλῆθος μαχαιριὰ ἔφερε μαζί μου.

Ὁ σύντροφος

— Εἶπες ὅτι ἦτανε μὲ ἄλλον μαζί. Ποῖος ἦτανε ὁ ἄλλος ;

— Ναί, βέβαια, ἦτανε μὲ ἄλλονε μαζί. Ἄλλος ἀνάστατος σὰ σκιάλι καὶ μαζὶ ἦρθανε γιὰ νὰ μποῦνε μέσα.

— Ὁ ἄλλος τί πρᾶγμα φαινότανε ;

— Μισοκακόμορφος καὶ ὁ ὁποῖος ἐβάστα τὴν ἴδια πράξη καὶ τὴν ἰδίαν ἐπιθυμίαν ὅπως ἔλεγε εἰς τοὺς ἀνθρώπους ὅτι εἰς αὐτὸν εἶναι γιὰ νὰ μπῇ μέσα.

— Ὁ ἄλλος ποῦ αὐτὸς εἰσιτήριο ;

— Βέβαια ποῦ εἶχε αὐτός.

Καὶ ἐκεῖ ὁ Κουφὸς μὲ τὸν ἄλλον ὁμοῦ ἔφυγαν καὶ ἔπειτα ὁ Κωστογεράκης.

— Ἔστι ἦσαν φίλοι, πῶς σοῦ φάνηκε ;

— Αὐτὸ δὲν μπορῶ νὰ τὸ ξέρω, πῶς νὰ τὸ ξέρω.

— Δὲν μοῦ λὲς ὁ Κωστογεράκης εἶχε ἄλλους φίλους, ἀπὸ τοὺς ὁποίους τοῦ ἐπῆγε ; Εἰς τὴν Βουλή ποὺ εἶχε ἔλθη καὶ ἀπὸ ποῦ ;

— Νὰ σοῦ πῶ σὲ αὐτόν τὸν ἄλλον ἐπισκεφθεὶς εἰς ἄλλον τόπον ἦσαν ὅλοι συγγενεῖς ἄλλοι μὲ αὐτὸν εἶναι ἢ πὼς ὅτι ἦταν πολλοὶ εἰς τὴν Βουλὴ καὶ τὸν Κωστογεράκη καθόλου δὲν ἔβλεπα μὲ τὸν κ. Πρωθυπουργόν.

— Δὲν ἔσταξες πρῶτα, ποὺ ἐβλέπατε, ὅπου ἦτο ἀνάμεσα τῶν ἄλλων ;

— Κάτω ὅλοι ποὺ ἐπίνε καὶ τοῦ καλοῦσαν κοιτάζοντας καὶ βλέποντας τὸ ἀπὸ σκάλες, καὶ ἔτσι εἶναι ποὺ εἶπεν νὰ μπῇ μέσα.

Μὲ ὁλόκληρον αὐτὸν τὸν χαρακτῆρα ἦτο ὁ Κωστογεράκης μὲ τὸν ἄλλον πρωτοῦ νὰ τὸν χτυπήσουν τοῦ ἐθέλησαν νὰ μπῇ καὶ νὰ φύγῃ τὸ καθένα.

— Θὰ ἦτανε μεσῆ ὥρα.

Μήπως σὲ ἔφανε κανεὶς πρωτύτερα; ἢ μὴ μαζὶ ὅτι ἦλθε στὸν Πρωθυπουργόν ;

— Μὲ ἐπάρα καὶ κάθε μέρα τόσοι καὶ τόσοι ἄνθρωποι. Ἀλλὰ τώρα δὲν θυμᾶμαι καὶ μὲ ἐρωτήματα εἶναι ξαλισμένος.

ΕΙΣ ΤΟΝ ΣΤΑΘΜΟΝ ΤΩΝ Α΄ ΒΟΗΘΕΙΩΝ

Ἡ ἀφήγησις τοῦ κ. Παπαβασιλείου. — Πῶς εἶδε τὸν πρωθυπουργὸν κατερχόμενον. — Ὁ δολοφόνος θερμῶς. — Τί εἶπεν ὁ Δηλιγιάννης. — Αἱ πρῶται περιποιήσεις εἰς τὸν σταθμὸν. — Αἱ σύγχυσις. — Ἡ ἐγχείρησις.

Εἷς ἐκ τῶν αὐτοπτῶν μαρτύρων τῆς ἀπαισίας σκηνῆς ἦτο καὶ ὁ βουλευτὴς Ἀττικῆς καὶ ἰατρὸς κ. Παπαβασιλείου. Περὶ τὴν πέμπτην ὥραν καὶ τέταρτον ὁ κ. Παπαβασιλείου εἰσήρχετο εἰς τὸν περίβολον τῆς Βουλῆς καὶ ἀνήρχετο εἰς τὰ προπύλαια. Τὴν στιγμὴν ἐκείνην ἀνέμεινεν ἡ ἁμάξα τοῦ Πρωθυπουργοῦ καὶ ἡ πόμπη μετὰ τινας στιγμὰς ἐστάθη πρὸ τῆς κλίμακος. Ἡ θύρα ἤνοιξε καὶ ὁ πρωθυπουργὸς κατῆλθεν εὐθὺς πρὸ τῆς κλίμακος λιθοστρώτου, ὅτε ὁ κ. Παπαβασιλείου τὸν ἐχαιρέτισε καὶ ἐνῷ ἐκλονίζετο.

Ὁ κ. Παπαβασιλείου ἐκ τοῦ θέαματος αὐτοῦ τῆς σκηνῆς ἔσπευσε πρὸς τὸν πρωθυπουργὸν καὶ ἐβοήθησε νὰ μεταφέρωσιν αὐτὸν εἰς τὸν σταθμὸν τῶν Α΄ βοηθειῶν, καὶ ἐν μέσῳ τῶν ἐπιστημονικῶν ἀνθρώπων ἐξέτασε τὸ τραῦμα.

Ὁ κ. Παπαβασιλείου εἰπε καὶ εἰς ἡμᾶς ὅτι δὲν ὑπάρχει πλέον ἐλπίς ἐκ τοῦ βάθους καὶ τοῦ μεγέθους τοῦ τραύματος. Καὶ ἔσπευσε πρὸς τὸν πρωθυπουργὸν, ὁ ὁποῖος μὲ τὰς χεῖρας ἐκείνην τὴν ὥραν εἶχε ἐπιστηρίξει τὸ σῶμά του, καὶ ἐστηρίζετο εἰς τὴν πληγὴν καὶ μὲ τὸ μαχαίρι εἶδε τὸ δέμα. Ὁ κ. Παπαβασιλείου τὸν συνεκράτησεν καὶ μετὰ τοῦ βραχίονος καὶ τὸν ἀνήγειρε μετ᾿ ἄλλων προστρεξάντων βουλευτῶν. Ὁ κ. Παπαβασιλείου εἶδε τὸν δολοφόνον, ἀπαισίαν τὴν μορφήν, μα-
